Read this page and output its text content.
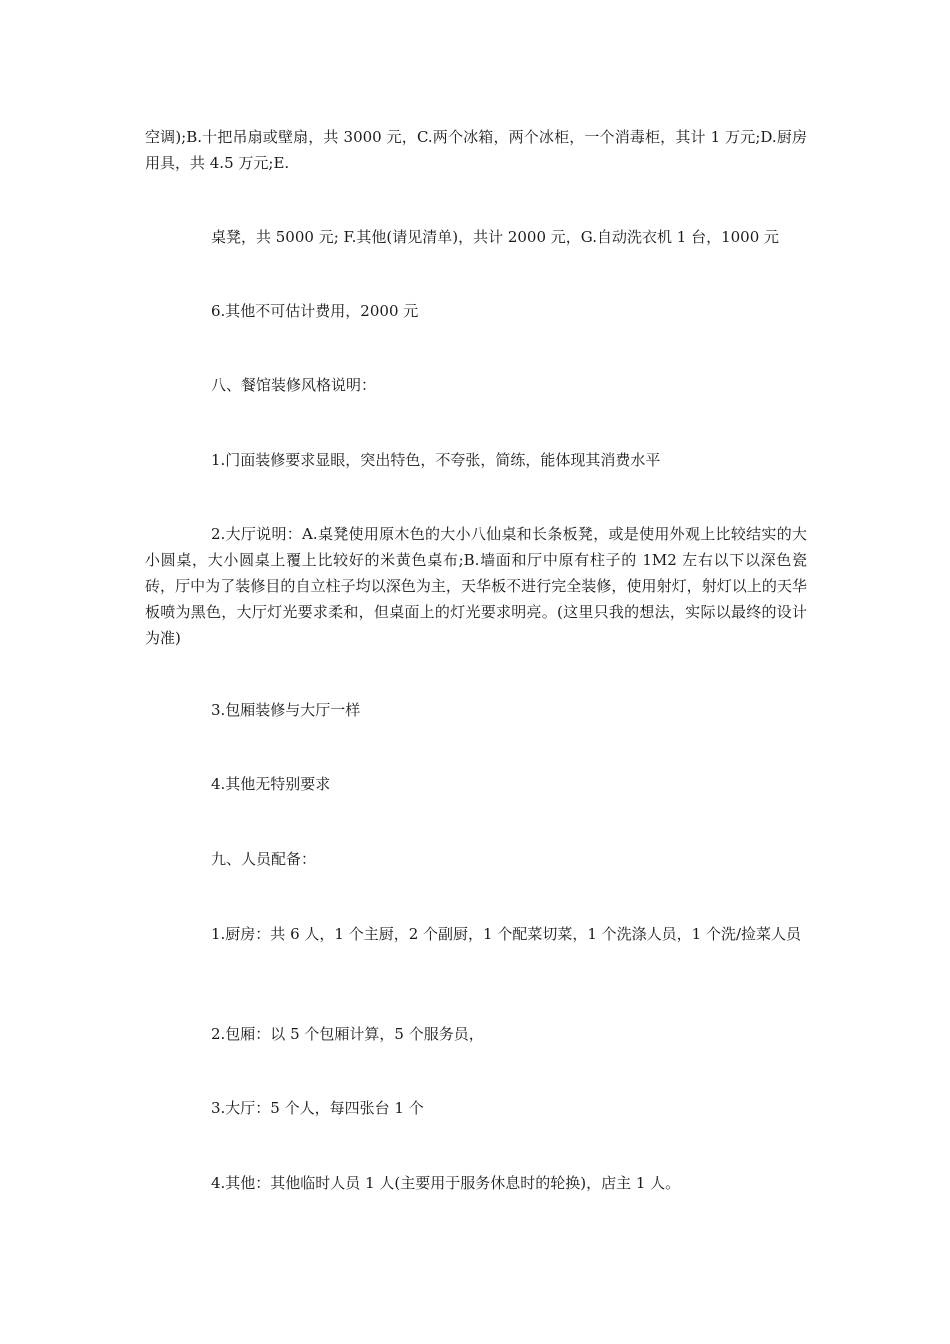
空调);B.十把吊扇或壁扇，共 3000 元，C.两个冰箱，两个冰柜，一个消毒柜，其计 1 万元;D.厨房用具，共 4.5 万元;E.

桌凳，共 5000 元; F.其他(请见清单)，共计 2000 元，G.自动洗衣机 1 台，1000 元

6.其他不可估计费用，2000 元

八、餐馆装修风格说明：

1.门面装修要求显眼，突出特色，不夸张，简练，能体现其消费水平

2.大厅说明：A.桌凳使用原木色的大小八仙桌和长条板凳，或是使用外观上比较结实的大小圆桌，大小圆桌上覆上比较好的米黄色桌布;B.墙面和厅中原有柱子的 1M2 左右以下以深色瓷砖，厅中为了装修目的自立柱子均以深色为主，天华板不进行完全装修，使用射灯，射灯以上的天华板喷为黑色，大厅灯光要求柔和，但桌面上的灯光要求明亮。(这里只我的想法，实际以最终的设计为准)

3.包厢装修与大厅一样

4.其他无特别要求

九、人员配备：

1.厨房：共 6 人，1 个主厨，2 个副厨，1 个配菜切菜，1 个洗涤人员，1 个洗/捡菜人员

2.包厢：以 5 个包厢计算，5 个服务员，

3.大厅：5 个人，每四张台 1 个

4.其他：其他临时人员 1 人(主要用于服务休息时的轮换)，店主 1 人。
